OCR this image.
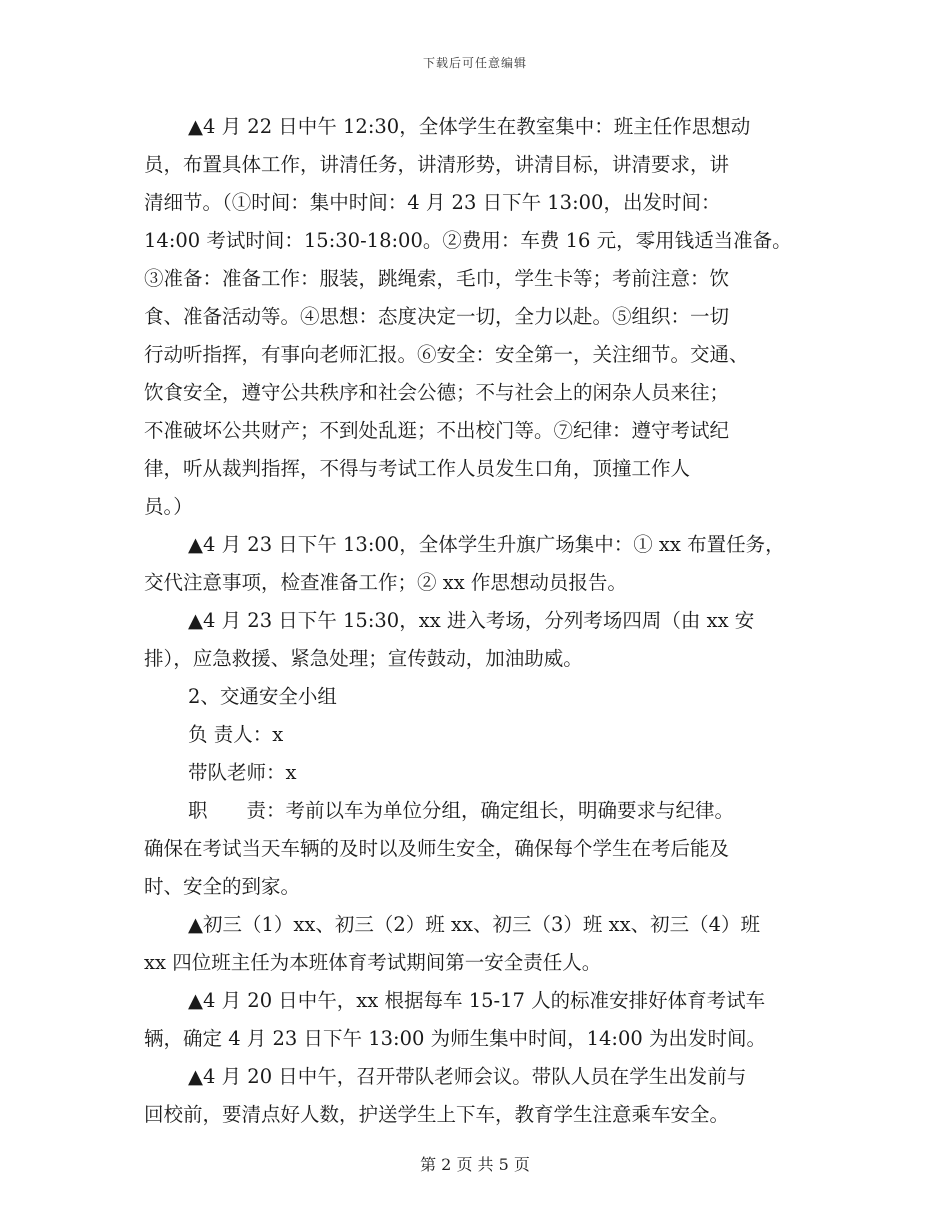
下载后可任意编辑
▲4 月 22 日中午 12:30，全体学生在教室集中：班主任作思想动
员，布置具体工作，讲清任务，讲清形势，讲清目标，讲清要求，讲
清细节。（①时间：集中时间：4 月 23 日下午 13:00，出发时间：
14:00 考试时间：15:30-18:00。②费用：车费 16 元，零用钱适当准备。
③准备：准备工作：服装，跳绳索，毛巾，学生卡等；考前注意：饮
食、准备活动等。④思想：态度决定一切，全力以赴。⑤组织：一切
行动听指挥，有事向老师汇报。⑥安全：安全第一，关注细节。交通、
饮食安全，遵守公共秩序和社会公德；不与社会上的闲杂人员来往；
不准破坏公共财产；不到处乱逛；不出校门等。⑦纪律：遵守考试纪
律，听从裁判指挥，不得与考试工作人员发生口角，顶撞工作人
员。）
▲4 月 23 日下午 13:00，全体学生升旗广场集中：① xx 布置任务，
交代注意事项，检查准备工作；② xx 作思想动员报告。
▲4 月 23 日下午 15:30，xx 进入考场，分列考场四周（由 xx 安
排），应急救援、紧急处理；宣传鼓动，加油助威。
2、交通安全小组
负 责人：x
带队老师：x
职　　责：考前以车为单位分组，确定组长，明确要求与纪律。
确保在考试当天车辆的及时以及师生安全，确保每个学生在考后能及
时、安全的到家。
▲初三（1）xx、初三（2）班 xx、初三（3）班 xx、初三（4）班
xx 四位班主任为本班体育考试期间第一安全责任人。
▲4 月 20 日中午，xx 根据每车 15-17 人的标准安排好体育考试车
辆，确定 4 月 23 日下午 13:00 为师生集中时间，14:00 为出发时间。
▲4 月 20 日中午，召开带队老师会议。带队人员在学生出发前与
回校前，要清点好人数，护送学生上下车，教育学生注意乘车安全。
第 2 页 共 5 页
